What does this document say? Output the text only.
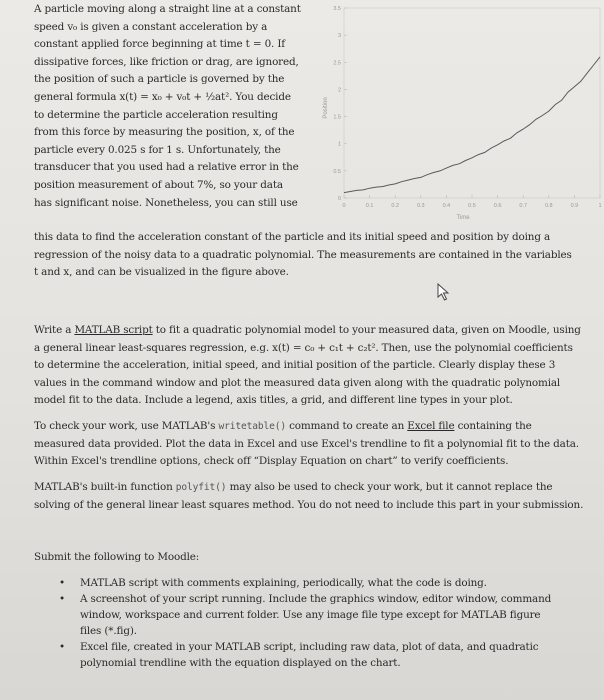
A particle moving along a straight line at a constant
speed v₀ is given a constant acceleration by a
constant applied force beginning at time t = 0. If
dissipative forces, like friction or drag, are ignored,
the position of such a particle is governed by the
general formula x(t) = x₀ + v₀t + ½at². You decide
to determine the particle acceleration resulting
from this force by measuring the position, x, of the
particle every 0.025 s for 1 s. Unfortunately, the
transducer that you used had a relative error in the
position measurement of about 7%, so your data
has significant noise. Nonetheless, you can still use	0
0.5
1
1.5
2
2.5
3
3.5
0	0.1	0.2	0.3	0.4	0.5	0.6	0.7	0.8	0.9	1
Time
Position
this data to find the acceleration constant of the particle and its initial speed and position by doing a
regression of the noisy data to a quadratic polynomial. The measurements are contained in the variables
t and x, and can be visualized in the figure above.
Write a MATLAB script to fit a quadratic polynomial model to your measured data, given on Moodle, using
a general linear least-squares regression, e.g. x(t) = c₀ + c₁t + c₂t². Then, use the polynomial coefficients
to determine the acceleration, initial speed, and initial position of the particle. Clearly display these 3
values in the command window and plot the measured data given along with the quadratic polynomial
model fit to the data. Include a legend, axis titles, a grid, and different line types in your plot.
To check your work, use MATLAB's writetable() command to create an Excel file containing the
measured data provided. Plot the data in Excel and use Excel's trendline to fit a polynomial fit to the data.
Within Excel's trendline options, check off “Display Equation on chart” to verify coefficients.
MATLAB's built-in function polyfit() may also be used to check your work, but it cannot replace the
solving of the general linear least squares method. You do not need to include this part in your submission.
Submit the following to Moodle:
• MATLAB script with comments explaining, periodically, what the code is doing.
• A screenshot of your script running. Include the graphics window, editor window, command
window, workspace and current folder. Use any image file type except for MATLAB figure
files (*.fig).
• Excel file, created in your MATLAB script, including raw data, plot of data, and quadratic
polynomial trendline with the equation displayed on the chart.
